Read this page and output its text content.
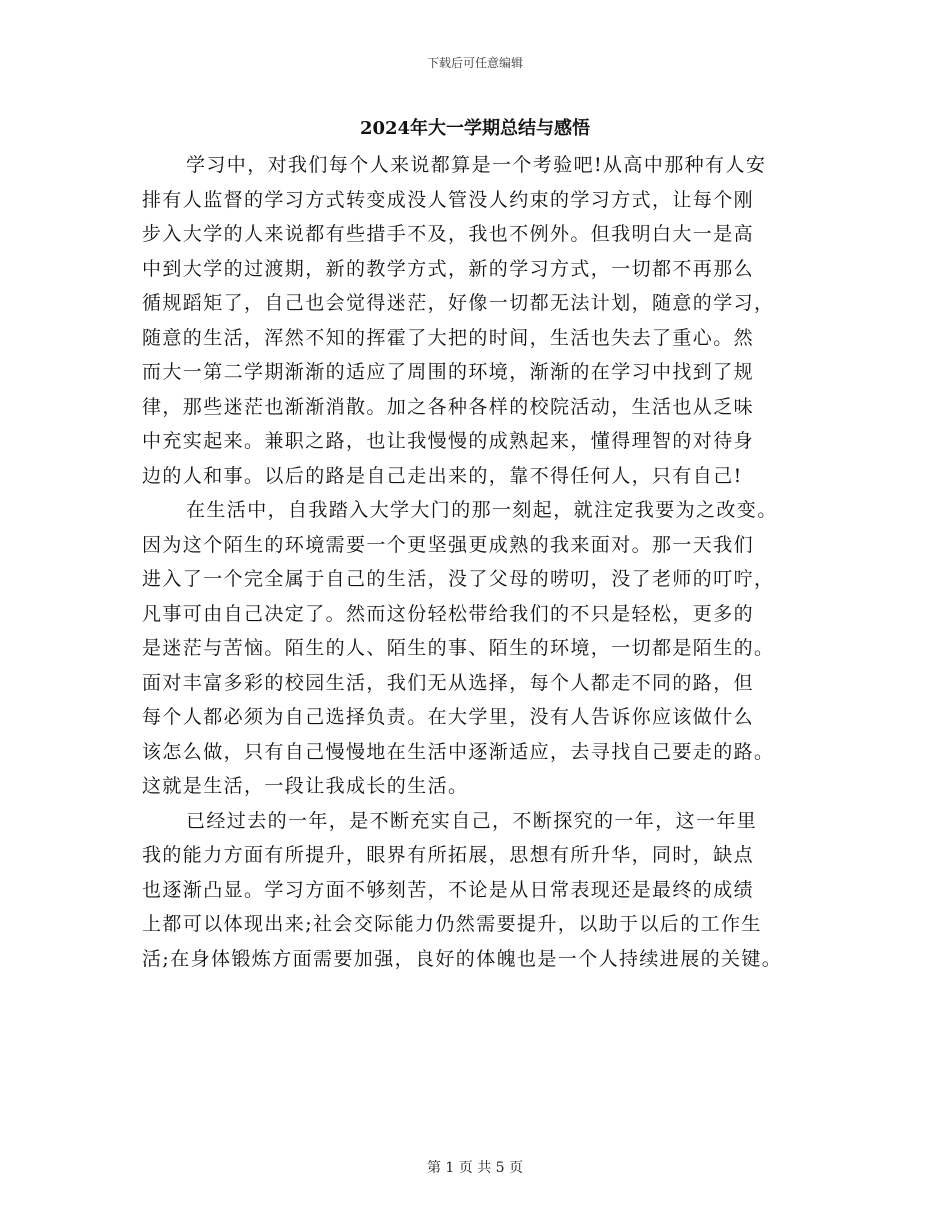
下载后可任意编辑
2024年大一学期总结与感悟
学习中，对我们每个人来说都算是一个考验吧!从高中那种有人安
排有人监督的学习方式转变成没人管没人约束的学习方式，让每个刚
步入大学的人来说都有些措手不及，我也不例外。但我明白大一是高
中到大学的过渡期，新的教学方式，新的学习方式，一切都不再那么
循规蹈矩了，自己也会觉得迷茫，好像一切都无法计划，随意的学习，
随意的生活，浑然不知的挥霍了大把的时间，生活也失去了重心。然
而大一第二学期渐渐的适应了周围的环境，渐渐的在学习中找到了规
律，那些迷茫也渐渐消散。加之各种各样的校院活动，生活也从乏味
中充实起来。兼职之路，也让我慢慢的成熟起来，懂得理智的对待身
边的人和事。以后的路是自己走出来的，靠不得任何人，只有自己!
在生活中，自我踏入大学大门的那一刻起，就注定我要为之改变。
因为这个陌生的环境需要一个更坚强更成熟的我来面对。那一天我们
进入了一个完全属于自己的生活，没了父母的唠叨，没了老师的叮咛，
凡事可由自己决定了。然而这份轻松带给我们的不只是轻松，更多的
是迷茫与苦恼。陌生的人、陌生的事、陌生的环境，一切都是陌生的。
面对丰富多彩的校园生活，我们无从选择，每个人都走不同的路，但
每个人都必须为自己选择负责。在大学里，没有人告诉你应该做什么
该怎么做，只有自己慢慢地在生活中逐渐适应，去寻找自己要走的路。
这就是生活，一段让我成长的生活。
已经过去的一年，是不断充实自己，不断探究的一年，这一年里
我的能力方面有所提升，眼界有所拓展，思想有所升华，同时，缺点
也逐渐凸显。学习方面不够刻苦，不论是从日常表现还是最终的成绩
上都可以体现出来;社会交际能力仍然需要提升，以助于以后的工作生
活;在身体锻炼方面需要加强，良好的体魄也是一个人持续进展的关键。
第 1 页 共 5 页
